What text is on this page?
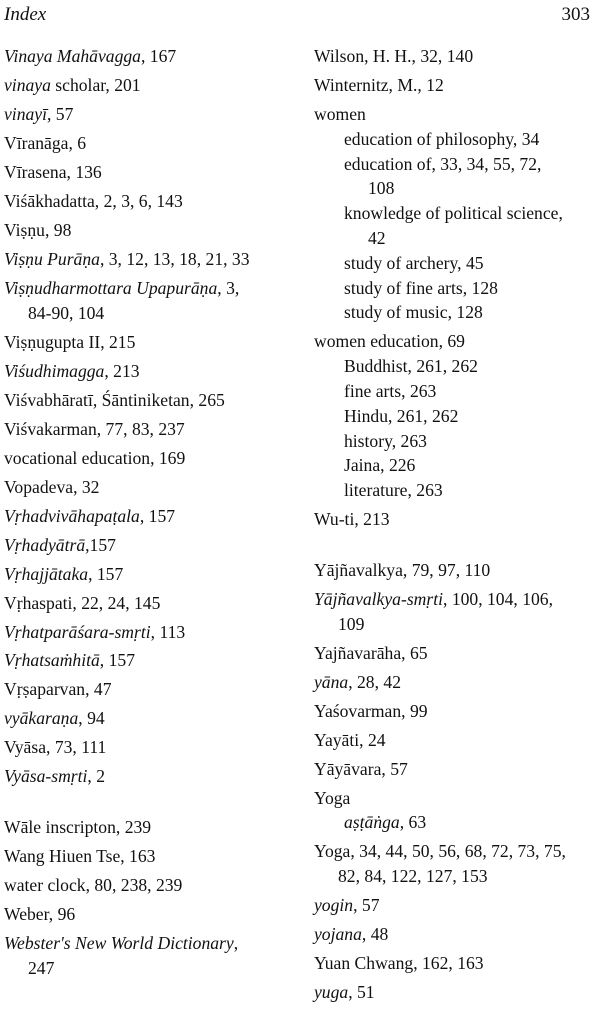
Index	303
Vinaya Mahāvagga, 167
vinaya scholar, 201
vinayī, 57
Vīranāga, 6
Vīrasena, 136
Viśākhadatta, 2, 3, 6, 143
Viṣṇu, 98
Viṣṇu Purāṇa, 3, 12, 13, 18, 21, 33
Viṣṇudharmottara Upapurāṇa, 3,
84-90, 104
Viṣṇugupta II, 215
Viśudhimagga, 213
Viśvabhāratī, Śāntiniketan, 265
Viśvakarman, 77, 83, 237
vocational education, 169
Vopadeva, 32
Vṛhadvivāhapaṭala, 157
Vṛhadyātrā,157
Vṛhajjātaka, 157
Vṛhaspati, 22, 24, 145
Vṛhatparāśara-smṛti, 113
Vṛhatsaṁhitā, 157
Vṛṣaparvan, 47
vyākaraṇa, 94
Vyāsa, 73, 111
Vyāsa-smṛti, 2
Wāle inscripton, 239
Wang Hiuen Tse, 163
water clock, 80, 238, 239
Weber, 96
Webster's New World Dictionary,
247
Wilson, H. H., 32, 140
Winternitz, M., 12
women
education of philosophy, 34
education of, 33, 34, 55, 72,
108
knowledge of political science,
42
study of archery, 45
study of fine arts, 128
study of music, 128
women education, 69
Buddhist, 261, 262
fine arts, 263
Hindu, 261, 262
history, 263
Jaina, 226
literature, 263
Wu-ti, 213
Yājñavalkya, 79, 97, 110
Yājñavalkya-smṛti, 100, 104, 106,
109
Yajñavarāha, 65
yāna, 28, 42
Yaśovarman, 99
Yayāti, 24
Yāyāvara, 57
Yoga
aṣṭāṅga, 63
Yoga, 34, 44, 50, 56, 68, 72, 73, 75,
82, 84, 122, 127, 153
yogin, 57
yojana, 48
Yuan Chwang, 162, 163
yuga, 51
